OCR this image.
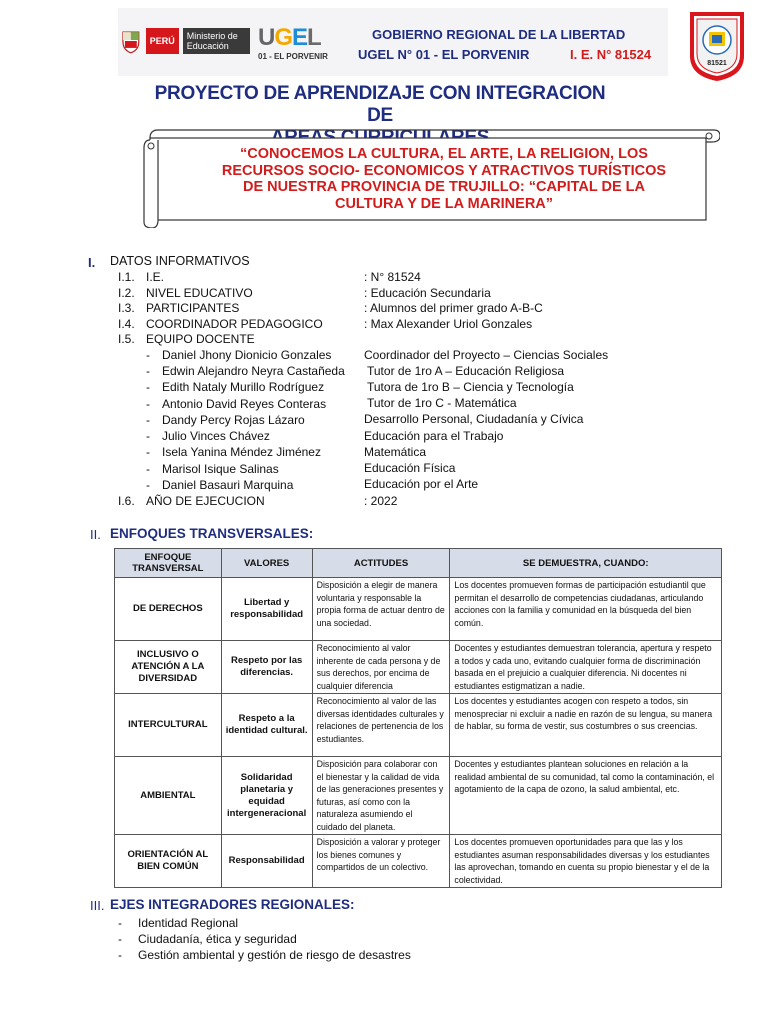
PERÚ	Ministerio de Educación	UGEL
01 - EL PORVENIR
GOBIERNO REGIONAL DE LA LIBERTAD
UGEL N° 01 - EL PORVENIR	I. E. N° 81524
81521
PROYECTO DE APRENDIZAJE CON INTEGRACION DE
“CONOCEMOS LA CULTURA, EL ARTE, LA RELIGION, LOS
RECURSOS SOCIO- ECONOMICOS Y ATRACTIVOS TURÍSTICOS
DE NUESTRA PROVINCIA DE TRUJILLO: “CAPITAL DE LA
CULTURA Y DE LA MARINERA”
I. DATOS INFORMATIVOS
I.1. I.E.	: N° 81524
I.2. NIVEL EDUCATIVO	: Educación Secundaria
I.3. PARTICIPANTES	: Alumnos del primer grado A-B-C
I.4. COORDINADOR PEDAGOGICO	: Max Alexander Uriol Gonzales
I.5. EQUIPO DOCENTE
- Daniel Jhony Dionicio Gonzales	Coordinador del Proyecto – Ciencias Sociales
- Edwin Alejandro Neyra Castañeda Tutor de 1ro A – Educación Religiosa
- Edith Nataly Murillo Rodríguez	Tutora de 1ro B – Ciencia y Tecnología
- Antonio David Reyes Conteras	Tutor de 1ro C - Matemática
- Dandy Percy Rojas Lázaro	Desarrollo Personal, Ciudadanía y Cívica
- Julio Vinces Chávez	Educación para el Trabajo
- Isela Yanina Méndez Jiménez	Matemática
- Marisol Isique Salinas	Educación Física
- Daniel Basauri Marquina	Educación por el Arte
I.6. AÑO DE EJECUCION	: 2022
II. ENFOQUES TRANSVERSALES:
ENFOQUE TRANSVERSAL	VALORES	ACTITUDES	SE DEMUESTRA, CUANDO:
DE DERECHOS	Libertad y responsabilidad	Disposición a elegir de manera voluntaria y responsable la propia forma de actuar dentro de una sociedad.	Los docentes promueven formas de participación estudiantil que permitan el desarrollo de competencias ciudadanas, articulando acciones con la familia y comunidad en la búsqueda del bien común.
INCLUSIVO O ATENCIÓN A LA DIVERSIDAD	Respeto por las diferencias.	Reconocimiento al valor inherente de cada persona y de sus derechos, por encima de cualquier diferencia	Docentes y estudiantes demuestran tolerancia, apertura y respeto a todos y cada uno, evitando cualquier forma de discriminación basada en el prejuicio a cualquier diferencia. Ni docentes ni estudiantes estigmatizan a nadie.
INTERCULTURAL	Respeto a la identidad cultural.	Reconocimiento al valor de las diversas identidades culturales y relaciones de pertenencia de los estudiantes.	Los docentes y estudiantes acogen con respeto a todos, sin menospreciar ni excluir a nadie en razón de su lengua, su manera de hablar, su forma de vestir, sus costumbres o sus creencias.
AMBIENTAL	Solidaridad planetaria y equidad intergeneracional	Disposición para colaborar con el bienestar y la calidad de vida de las generaciones presentes y futuras, así como con la naturaleza asumiendo el cuidado del planeta.	Docentes y estudiantes plantean soluciones en relación a la realidad ambiental de su comunidad, tal como la contaminación, el agotamiento de la capa de ozono, la salud ambiental, etc.
ORIENTACIÓN AL BIEN COMÚN	Responsabilidad	Disposición a valorar y proteger los bienes comunes y compartidos de un colectivo.	Los docentes promueven oportunidades para que las y los estudiantes asuman responsabilidades diversas y los estudiantes las aprovechan, tomando en cuenta su propio bienestar y el de la colectividad.
III. EJES INTEGRADORES REGIONALES:
- Identidad Regional
- Ciudadanía, ética y seguridad
- Gestión ambiental y gestión de riesgo de desastres
